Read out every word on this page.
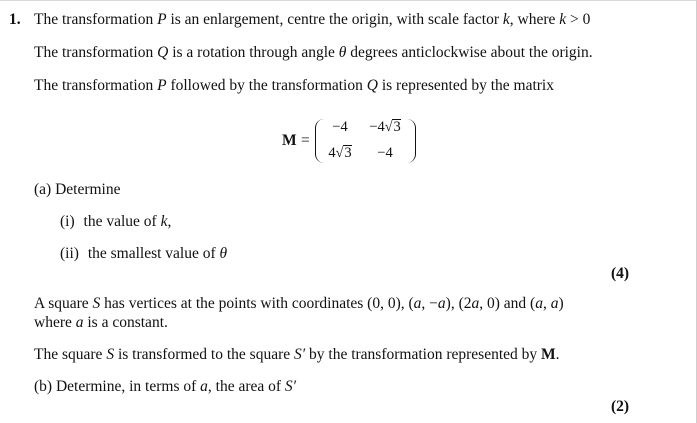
1. The transformation P is an enlargement, centre the origin, with scale factor k, where k > 0
The transformation Q is a rotation through angle θ degrees anticlockwise about the origin.
The transformation P followed by the transformation Q is represented by the matrix
M =
−4	−4√3
4√3	−4
(a) Determine
(i) the value of k,
(ii) the smallest value of θ
(4)
A square S has vertices at the points with coordinates (0, 0), (a, −a), (2a, 0) and (a, a)
where a is a constant.
The square S is transformed to the square S′ by the transformation represented by M.
(b) Determine, in terms of a, the area of S′
(2)
